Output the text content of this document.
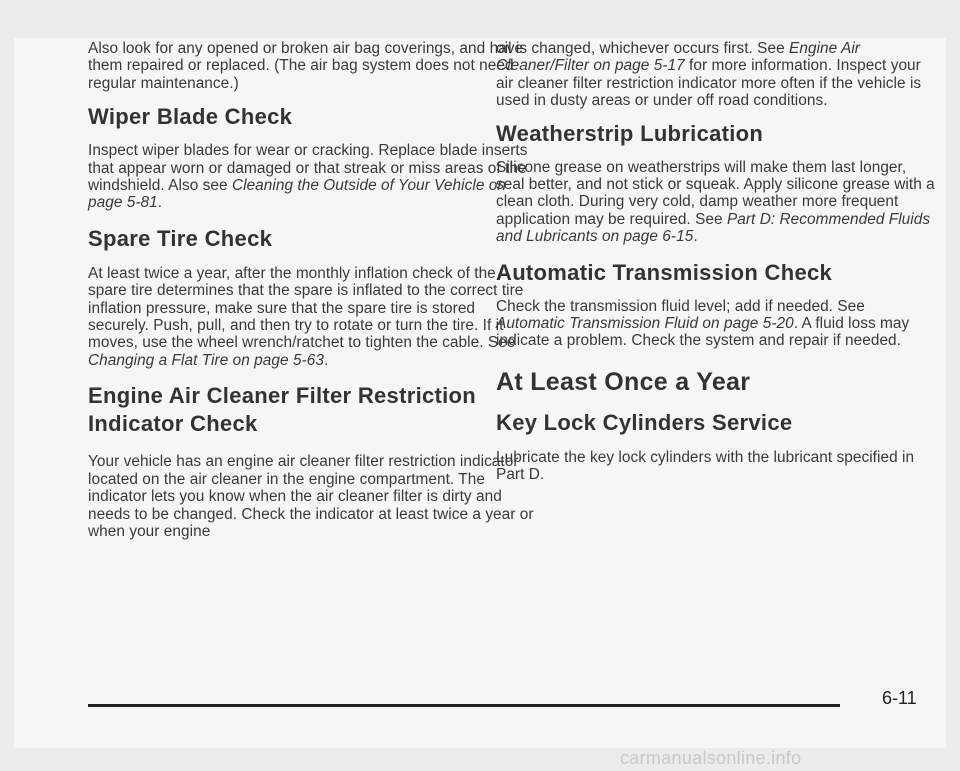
Also look for any opened or broken air bag coverings, and have them repaired or replaced. (The air bag system does not need regular maintenance.)

Wiper Blade Check

Inspect wiper blades for wear or cracking. Replace blade inserts that appear worn or damaged or that streak or miss areas of the windshield. Also see Cleaning the Outside of Your Vehicle on page 5-81.

Spare Tire Check

At least twice a year, after the monthly inflation check of the spare tire determines that the spare is inflated to the correct tire inflation pressure, make sure that the spare tire is stored securely. Push, pull, and then try to rotate or turn the tire. If it moves, use the wheel wrench/ratchet to tighten the cable. See Changing a Flat Tire on page 5-63.

Engine Air Cleaner Filter Restriction
Indicator Check

Your vehicle has an engine air cleaner filter restriction indicator located on the air cleaner in the engine compartment. The indicator lets you know when the air cleaner filter is dirty and needs to be changed. Check the indicator at least twice a year or when your engine

oil is changed, whichever occurs first. See Engine Air Cleaner/Filter on page 5-17 for more information. Inspect your air cleaner filter restriction indicator more often if the vehicle is used in dusty areas or under off road conditions.

Weatherstrip Lubrication

Silicone grease on weatherstrips will make them last longer, seal better, and not stick or squeak. Apply silicone grease with a clean cloth. During very cold, damp weather more frequent application may be required. See Part D: Recommended Fluids and Lubricants on page 6-15.

Automatic Transmission Check

Check the transmission fluid level; add if needed. See Automatic Transmission Fluid on page 5-20. A fluid loss may indicate a problem. Check the system and repair if needed.

At Least Once a Year
Key Lock Cylinders Service

Lubricate the key lock cylinders with the lubricant specified in Part D.

6-11
carmanualsonline.info
